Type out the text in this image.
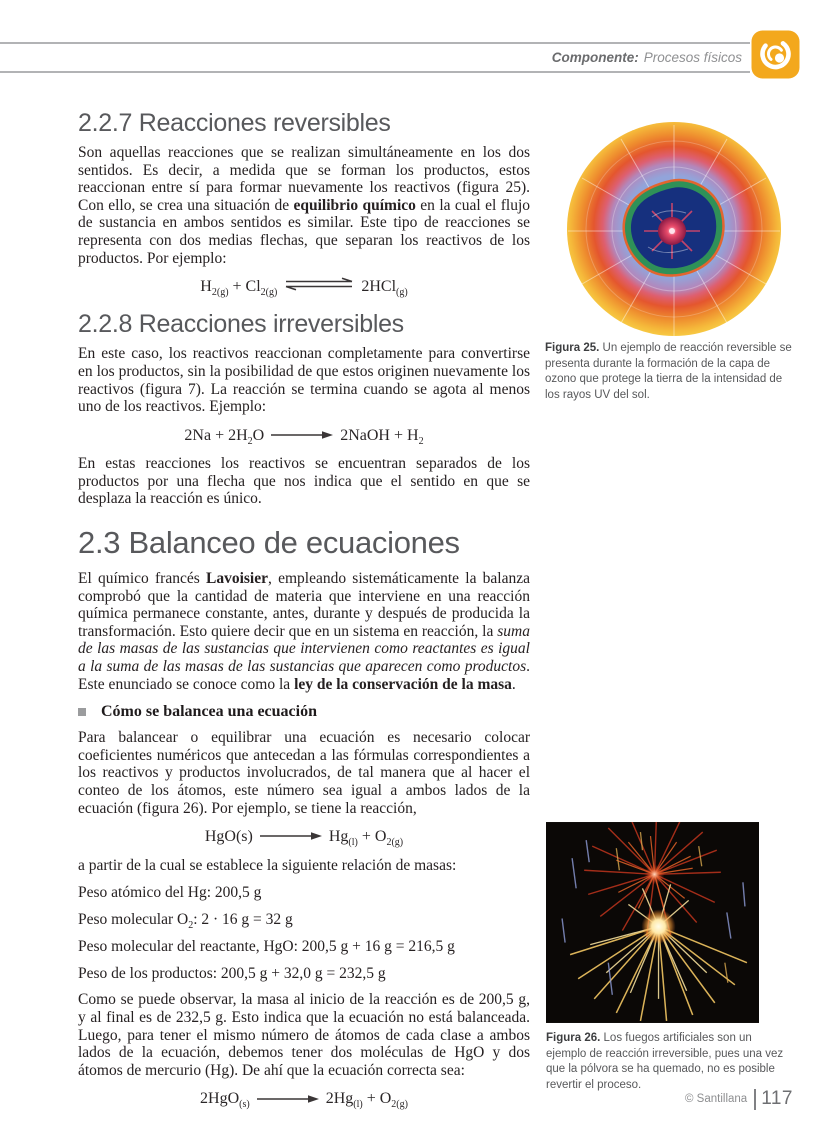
Componente: Procesos físicos
2.2.7 Reacciones reversibles

Son aquellas reacciones que se realizan simultáneamente en los dos sentidos. Es decir, a medida que se forman los productos, estos reaccionan entre sí para formar nuevamente los reactivos (figura 25). Con ello, se crea una situación de equilibrio químico en la cual el flujo de sustancia en ambos sentidos es similar. Este tipo de reacciones se representa con dos medias flechas, que separan los reactivos de los productos. Por ejemplo:

$H_{2(g)} + Cl_{2(g)}$	2HCl$_{(g)}$
2.2.8 Reacciones irreversibles

En este caso, los reactivos reaccionan completamente para convertirse en los productos, sin la posibilidad de que estos originen nuevamente los reactivos (figura 7). La reacción se termina cuando se agota al menos uno de los reactivos. Ejemplo:

$2Na + 2H_2O$	2NaOH + $H_2$

En estas reacciones los reactivos se encuentran separados de los productos por una flecha que nos indica que el sentido en que se desplaza la reacción es único.

2.3 Balanceo de ecuaciones

El químico francés Lavoisier, empleando sistemáticamente la balanza comprobó que la cantidad de materia que interviene en una reacción química permanece constante, antes, durante y después de producida la transformación. Esto quiere decir que en un sistema en reacción, la suma de las masas de las sustancias que intervienen como reactantes es igual a la suma de las masas de las sustancias que aparecen como productos. Este enunciado se conoce como la ley de la conservación de la masa.

Cómo se balancea una ecuación

Para balancear o equilibrar una ecuación es necesario colocar coeficientes numéricos que antecedan a las fórmulas correspondientes a los reactivos y productos involucrados, de tal manera que al hacer el conteo de los átomos, este número sea igual a ambos lados de la ecuación (figura 26). Por ejemplo, se tiene la reacción,

HgO(s)	$Hg_{(l)} + O_{2(g)}$

a partir de la cual se establece la siguiente relación de masas:

Peso atómico del Hg: 200,5 g

Peso molecular $O_2$: 2 · 16 g = 32 g

Peso molecular del reactante, HgO: 200,5 g + 16 g = 216,5 g

Peso de los productos: 200,5 g + 32,0 g = 232,5 g

Como se puede observar, la masa al inicio de la reacción es de 200,5 g, y al final es de 232,5 g. Esto indica que la ecuación no está balanceada. Luego, para tener el mismo número de átomos de cada clase a ambos lados de la ecuación, debemos tener dos moléculas de HgO y dos átomos de mercurio (Hg). De ahí que la ecuación correcta sea:

2HgO$_{(s)}$	$2Hg_{(l)} + O_{2(g)}$

Figura 25. Un ejemplo de reacción reversible se presenta durante la formación de la capa de ozono que protege la tierra de la intensidad de los rayos UV del sol.

Figura 26. Los fuegos artificiales son un ejemplo de reacción irreversible, pues una vez que la pólvora se ha quemado, no es posible revertir el proceso.

© Santillana 117
